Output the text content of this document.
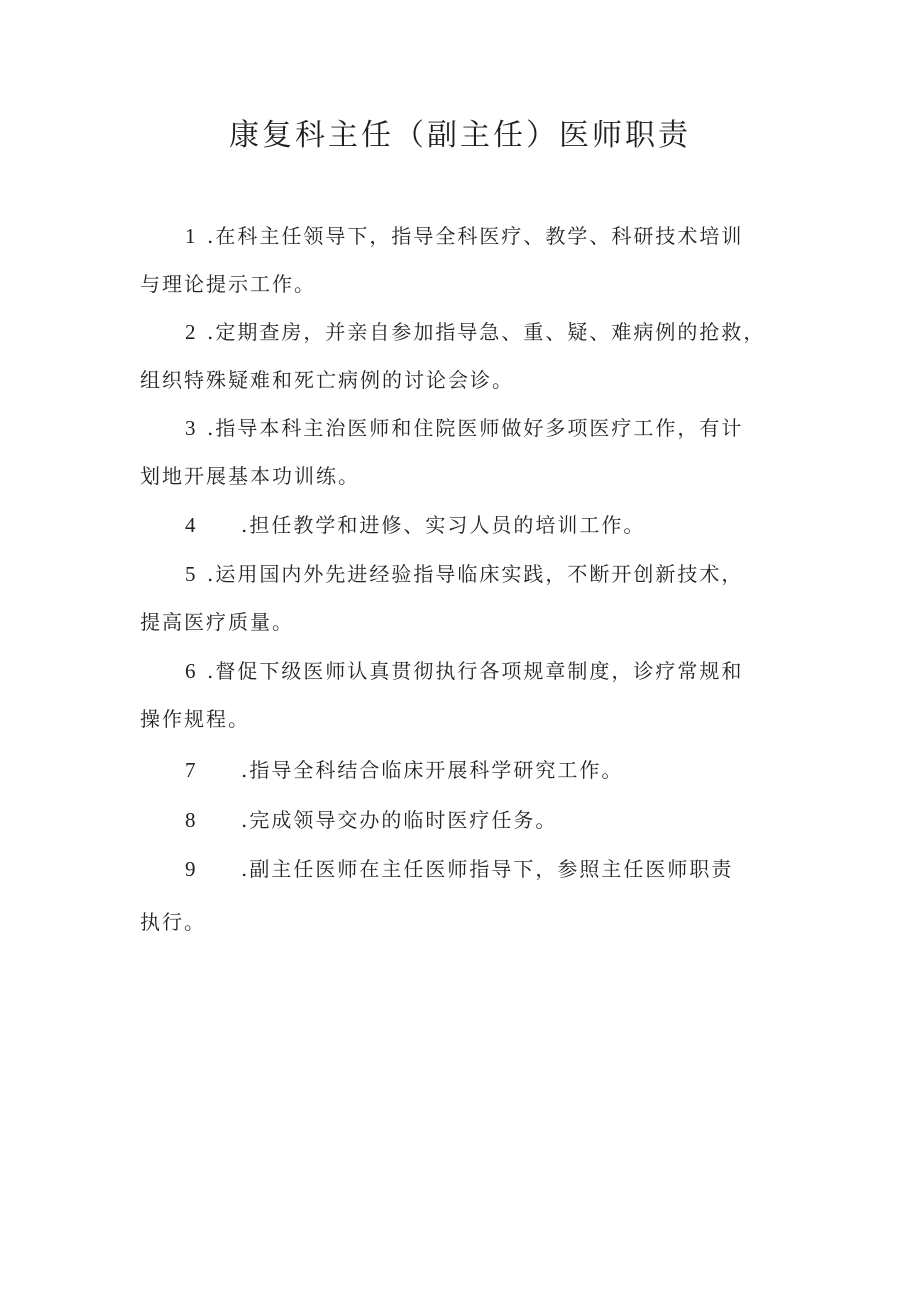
康复科主任（副主任）医师职责
1 .在科主任领导下，指导全科医疗、教学、科研技术培训
与理论提示工作。
2 .定期查房，并亲自参加指导急、重、疑、难病例的抢救，
组织特殊疑难和死亡病例的讨论会诊。
3 .指导本科主治医师和住院医师做好多项医疗工作，有计
划地开展基本功训练。
4 .担任教学和进修、实习人员的培训工作。
5 .运用国内外先进经验指导临床实践，不断开创新技术，
提高医疗质量。
6 .督促下级医师认真贯彻执行各项规章制度，诊疗常规和
操作规程。
7 .指导全科结合临床开展科学研究工作。
8 .完成领导交办的临时医疗任务。
9 .副主任医师在主任医师指导下，参照主任医师职责
执行。
